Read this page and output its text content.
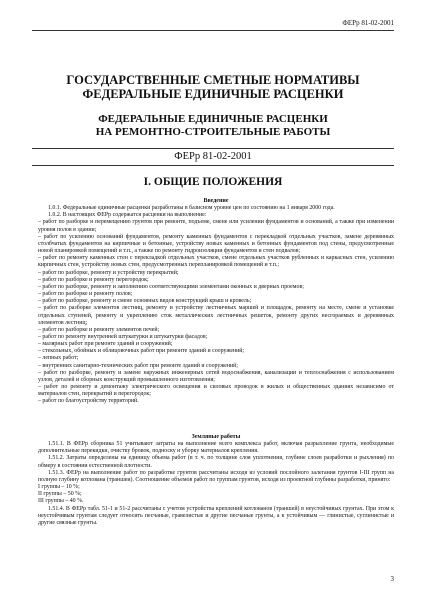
ФЕРр 81-02-2001
ГОСУДАРСТВЕННЫЕ СМЕТНЫЕ НОРМАТИВЫ
ФЕДЕРАЛЬНЫЕ ЕДИНИЧНЫЕ РАСЦЕНКИ
ФЕДЕРАЛЬНЫЕ ЕДИНИЧНЫЕ РАСЦЕНКИ
НА РЕМОНТНО-СТРОИТЕЛЬНЫЕ РАБОТЫ
ФЕРр 81-02-2001
I. ОБЩИЕ ПОЛОЖЕНИЯ
Введение

1.0.1. Федеральные единичные расценки разработаны в базисном уровне цен по состоянию на 1 января 2000 года.

1.0.2. В настоящих ФЕРр содержатся расценки на выполнение:

– работ по разборке и перемещению грунтов при ремонте, подъеме, смене или усилении фундаментов и оснований, а также при изменении уровня полов в здании;

– работ по усилению оснований фундаментов, ремонту каменных фундаментов с перекладкой отдельных участков, замене деревянных столбчатых фундаментов на кирпичные и бетонные, устройству новых каменных и бетонных фундаментов под стены, предусмотренные новой планировкой помещений и т.п., а также по ремонту гидроизоляции фундаментов и стен подвалов;

– работ по ремонту каменных стен с перекладкой отдельных участков, смене отдельных участков рубленных и каркасных стен, усилению кирпичных стен, устройству новых стен, предусмотренных перепланировкой помещений и т.п.;

– работ по разборке, ремонту и устройству перекрытий;

– работ по разборке и ремонту перегородок;

– работ по разборке, ремонту и заполнению соответствующими элементами оконных и дверных проемов;

– работ по разборке и ремонту полов;

– работ по разборке, ремонту и смене основных видов конструкций крыш и кровель;

– работ по разборке элементов лестниц, ремонту и устройству лестничных маршей и площадок, ремонту на месте, смене и установке отдельных ступеней, ремонту и укреплению сток металлических лестничных решеток, ремонту других несгораемых и деревянных элементов лестниц;

– работ по разборке и ремонту элементов печей;

– работ по ремонту внутренней штукатурки и штукатурки фасадов;

– малярных работ при ремонте зданий и сооружений;

– стекольных, обойных и облицовочных работ при ремонте зданий и сооружений;

– лепных работ;

– внутренних санитарно-технических работ при ремонте зданий и сооружений;

– работ по разборке, ремонту и замене наружных инженерных сетей водоснабжения, канализации и теплоснабжения с использованием узлов, деталей и сборных конструкций промышленного изготовления;

– работ по ремонту и демонтажу электрического освещения и силовых проводок в жилых и общественных зданиях независимо от материалов стен, перекрытий и перегородок;

– работ по благоустройству территорий.

Земляные работы

1.51.1. В ФЕРр сборника 51 учитывают затраты на выполнение всего комплекса работ, включая разрыхление грунта, необходимые дополнительные перекидки, очистку бровок, подноску и уборку материалов крепления.

1.51.2. Затраты определены на единицу объема работ (в т. ч. по толщине слоя уплотнения, глубине слоев разработки и рыхления) по обмеру в состоянии естественной плотности.

1.51.3. ФЕРр на выполнение работ по разработке грунтов рассчитаны исходя из условий послойного залегания грунтов I-III групп на полную глубину котлована (траншеи). Соотношение объемов работ по группам грунтов, исходя из проектной глубины разработки, принято:

I группы – 10 %;

II группы – 50 %;

III группы – 40 %.

1.51.4. В ФЕРр табл. 51-1 и 51-2 рассчитаны с учетом устройства креплений котлованов (траншей) в неустойчивых грунтах. При этом к неустойчивым грунтам следует относить песчаные, гравелистые и другие песчаные грунты, а к устойчивым — глинистые, суглинистые и другие связные грунты.

3
